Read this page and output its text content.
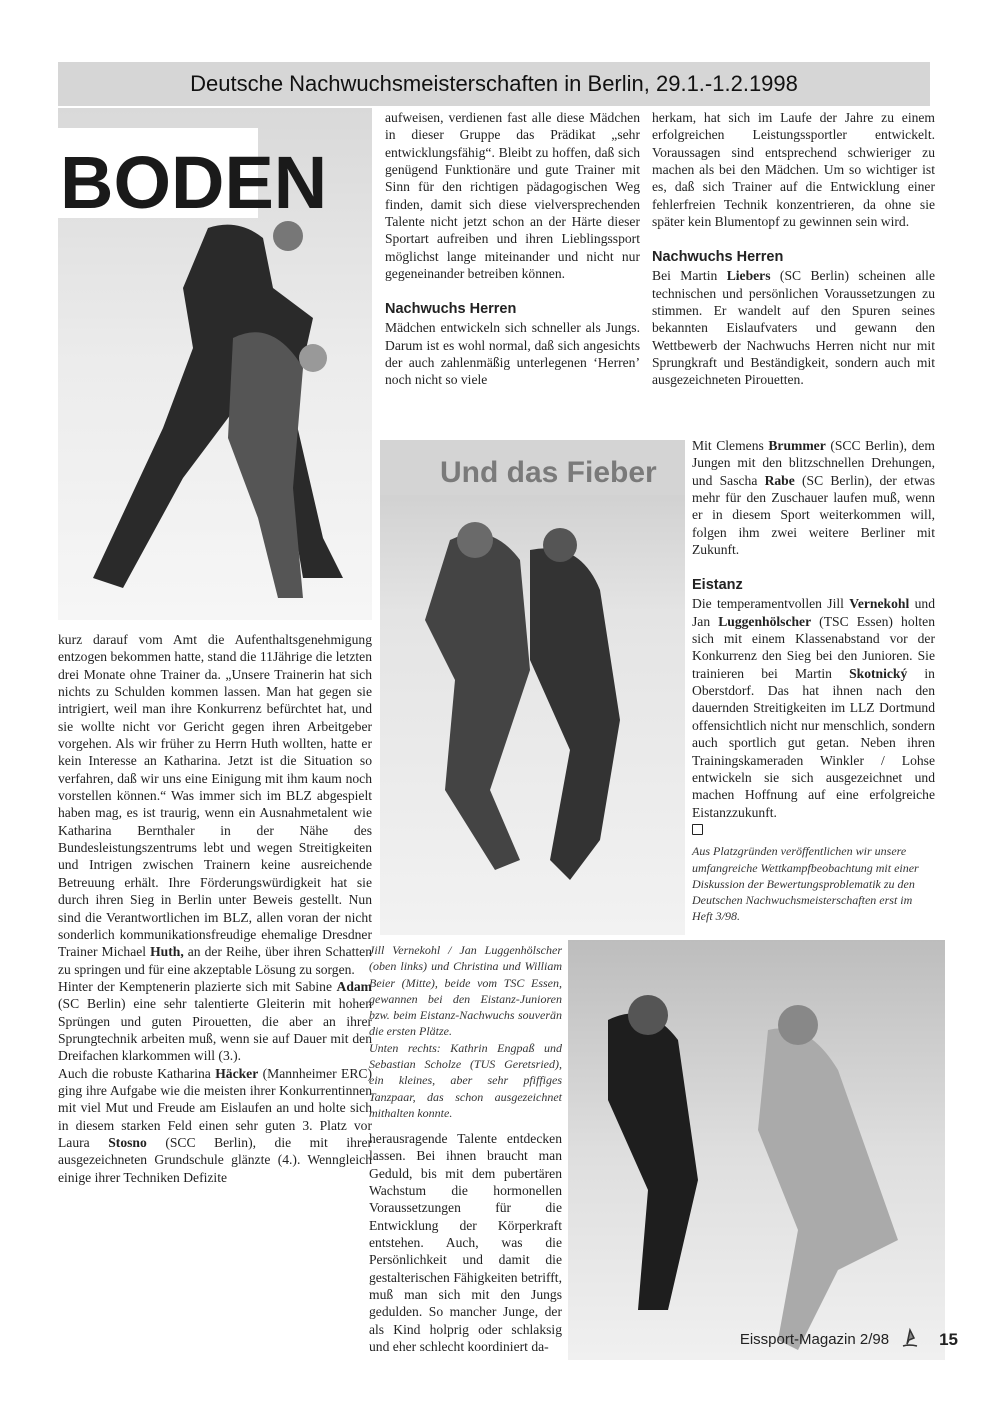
Deutsche Nachwuchsmeisterschaften in Berlin, 29.1.-1.2.1998
BODEN
Und das Fieber

kurz darauf vom Amt die Aufenthaltsgenehmigung entzogen bekommen hatte, stand die 11Jährige die letzten drei Monate ohne Trainer da. „Unsere Trainerin hat sich nichts zu Schulden kommen lassen. Man hat gegen sie intrigiert, weil man ihre Konkurrenz befürchtet hat, und sie wollte nicht vor Gericht gegen ihren Arbeitgeber vorgehen. Als wir früher zu Herrn Huth wollten, hatte er kein Interesse an Katharina. Jetzt ist die Situation so verfahren, daß wir uns eine Einigung mit ihm kaum noch vorstellen können.“ Was immer sich im BLZ abgespielt haben mag, es ist traurig, wenn ein Ausnahmetalent wie Katharina Bernthaler in der Nähe des Bundesleistungszentrums lebt und wegen Streitigkeiten und Intrigen zwischen Trainern keine ausreichende Betreuung erhält. Ihre Förderungswürdigkeit hat sie durch ihren Sieg in Berlin unter Beweis gestellt. Nun sind die Verantwortlichen im BLZ, allen voran der nicht sonderlich kommunikationsfreudige ehemalige Dresdner Trainer Michael Huth, an der Reihe, über ihren Schatten zu springen und für eine akzeptable Lösung zu sorgen.

Hinter der Kemptenerin plazierte sich mit Sabine Adam (SC Berlin) eine sehr talentierte Gleiterin mit hohen Sprüngen und guten Pirouetten, die aber an ihrer Sprungtechnik arbeiten muß, wenn sie auf Dauer mit den Dreifachen klarkommen will (3.).

Auch die robuste Katharina Häcker (Mannheimer ERC) ging ihre Aufgabe wie die meisten ihrer Konkurrentinnen mit viel Mut und Freude am Eislaufen an und holte sich in diesem starken Feld einen sehr guten 3. Platz vor Laura Stosno (SCC Berlin), die mit ihrer ausgezeichneten Grundschule glänzte (4.). Wenngleich einige ihrer Techniken Defizite

aufweisen, verdienen fast alle diese Mädchen in dieser Gruppe das Prädikat „sehr entwicklungsfähig“. Bleibt zu hoffen, daß sich genügend Funktionäre und gute Trainer mit Sinn für den richtigen pädagogischen Weg finden, damit sich diese vielversprechenden Talente nicht jetzt schon an der Härte dieser Sportart aufreiben und ihren Lieblingssport möglichst lange miteinander und nicht nur gegeneinander betreiben können.

Nachwuchs Herren

Mädchen entwickeln sich schneller als Jungs. Darum ist es wohl normal, daß sich angesichts der auch zahlenmäßig unterlegenen ‘Herren’ noch nicht so viele

Jill Vernekohl / Jan Luggenhölscher (oben links) und Christina und William Beier (Mitte), beide vom TSC Essen, gewannen bei den Eistanz-Junioren bzw. beim Eistanz-Nachwuchs souverän die ersten Plätze.

Unten rechts: Kathrin Engpaß und Sebastian Scholze (TUS Geretsried), ein kleines, aber sehr pfiffiges Tanzpaar, das schon ausgezeichnet mithalten konnte.

herausragende Talente entdecken lassen. Bei ihnen braucht man Geduld, bis mit dem pubertären Wachstum die hormonellen Voraussetzungen für die Entwicklung der Körperkraft entstehen. Auch, was die Persönlichkeit und damit die gestalterischen Fähigkeiten betrifft, muß man sich mit den Jungs gedulden. So mancher Junge, der als Kind holprig oder schlaksig und eher schlecht koordiniert da-

herkam, hat sich im Laufe der Jahre zu einem erfolgreichen Leistungssportler entwickelt. Voraussagen sind entsprechend schwieriger zu machen als bei den Mädchen. Um so wichtiger ist es, daß sich Trainer auf die Entwicklung einer fehlerfreien Technik konzentrieren, da ohne sie später kein Blumentopf zu gewinnen sein wird.

Nachwuchs Herren

Bei Martin Liebers (SC Berlin) scheinen alle technischen und persönlichen Voraussetzungen zu stimmen. Er wandelt auf den Spuren seines bekannten Eislaufvaters und gewann den Wettbewerb der Nachwuchs Herren nicht nur mit Sprungkraft und Beständigkeit, sondern auch mit ausgezeichneten Pirouetten.

Mit Clemens Brummer (SCC Berlin), dem Jungen mit den blitzschnellen Drehungen, und Sascha Rabe (SC Berlin), der etwas mehr für den Zuschauer laufen muß, wenn er in diesem Sport weiterkommen will, folgen ihm zwei weitere Berliner mit Zukunft.

Eistanz

Die temperamentvollen Jill Vernekohl und Jan Luggenhölscher (TSC Essen) holten sich mit einem Klassenabstand vor der Konkurrenz den Sieg bei den Junioren. Sie trainieren bei Martin Skotnický in Oberstdorf. Das hat ihnen nach den dauernden Streitigkeiten im LLZ Dortmund offensichtlich nicht nur menschlich, sondern auch sportlich gut getan. Neben ihren Trainingskameraden Winkler / Lohse entwickeln sie sich ausgezeichnet und machen Hoffnung auf eine erfolgreiche Eistanzzukunft.

Aus Platzgründen veröffentlichen wir unsere umfangreiche Wettkampfbeobachtung mit einer Diskussion der Bewertungsproblematik zu den Deutschen Nachwuchsmeisterschaften erst im Heft 3/98.

Eissport-Magazin 2/98	15
